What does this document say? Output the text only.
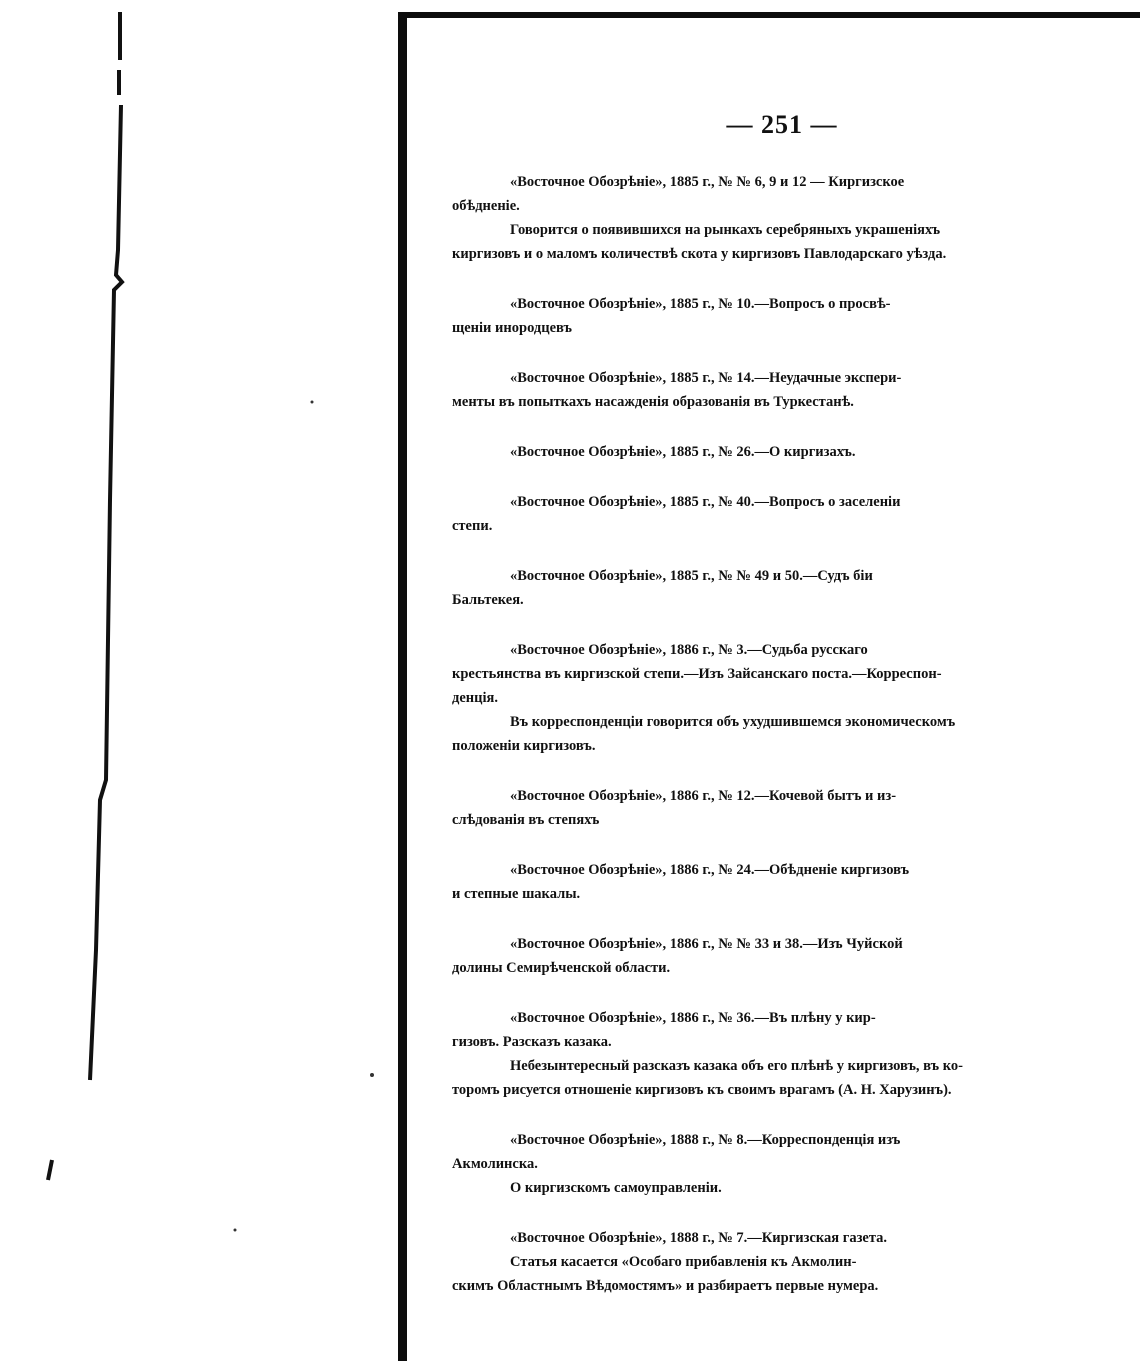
— 251 —
«Восточное Обозрѣніе», 1885 г., № № 6, 9 и 12 — Киргизское
обѣдненіе.
Говорится о появившихся на рынкахъ серебряныхъ украшеніяхъ
киргизовъ и о маломъ количествѣ скота у киргизовъ Павлодарскаго уѣзда.
«Восточное Обозрѣніе», 1885 г., № 10.—Вопросъ о просвѣ-
щеніи инородцевъ
«Восточное Обозрѣніе», 1885 г., № 14.—Неудачные экспери-
менты въ попыткахъ насажденія образованія въ Туркестанѣ.
«Восточное Обозрѣніе», 1885 г., № 26.—О киргизахъ.
«Восточное Обозрѣніе», 1885 г., № 40.—Вопросъ о заселеніи
степи.
«Восточное Обозрѣніе», 1885 г., № № 49 и 50.—Судъ біи
Бальтекея.
«Восточное Обозрѣніе», 1886 г., № 3.—Судьба русскаго
крестьянства въ киргизской степи.—Изъ Зайсанскаго поста.—Корреспон-
денція.
Въ корреспонденціи говорится объ ухудшившемся экономическомъ
положеніи киргизовъ.
«Восточное Обозрѣніе», 1886 г., № 12.—Кочевой бытъ и из-
слѣдованія въ степяхъ
«Восточное Обозрѣніе», 1886 г., № 24.—Обѣдненіе киргизовъ
и степные шакалы.
«Восточное Обозрѣніе», 1886 г., № № 33 и 38.—Изъ Чуйской
долины Семирѣченской области.
«Восточное Обозрѣніе», 1886 г., № 36.—Въ плѣну у кир-
гизовъ. Разсказъ казака.
Небезынтересный разсказъ казака объ его плѣнѣ у киргизовъ, въ ко-
торомъ рисуется отношеніе киргизовъ къ своимъ врагамъ (А. Н. Харузинъ).
«Восточное Обозрѣніе», 1888 г., № 8.—Корреспонденція изъ
Акмолинска.
О киргизскомъ самоуправленіи.
«Восточное Обозрѣніе», 1888 г., № 7.—Киргизская газета.
Статья касается «Особаго прибавленія къ Акмолин-
скимъ Областнымъ Вѣдомостямъ» и разбираетъ первые нумера.
